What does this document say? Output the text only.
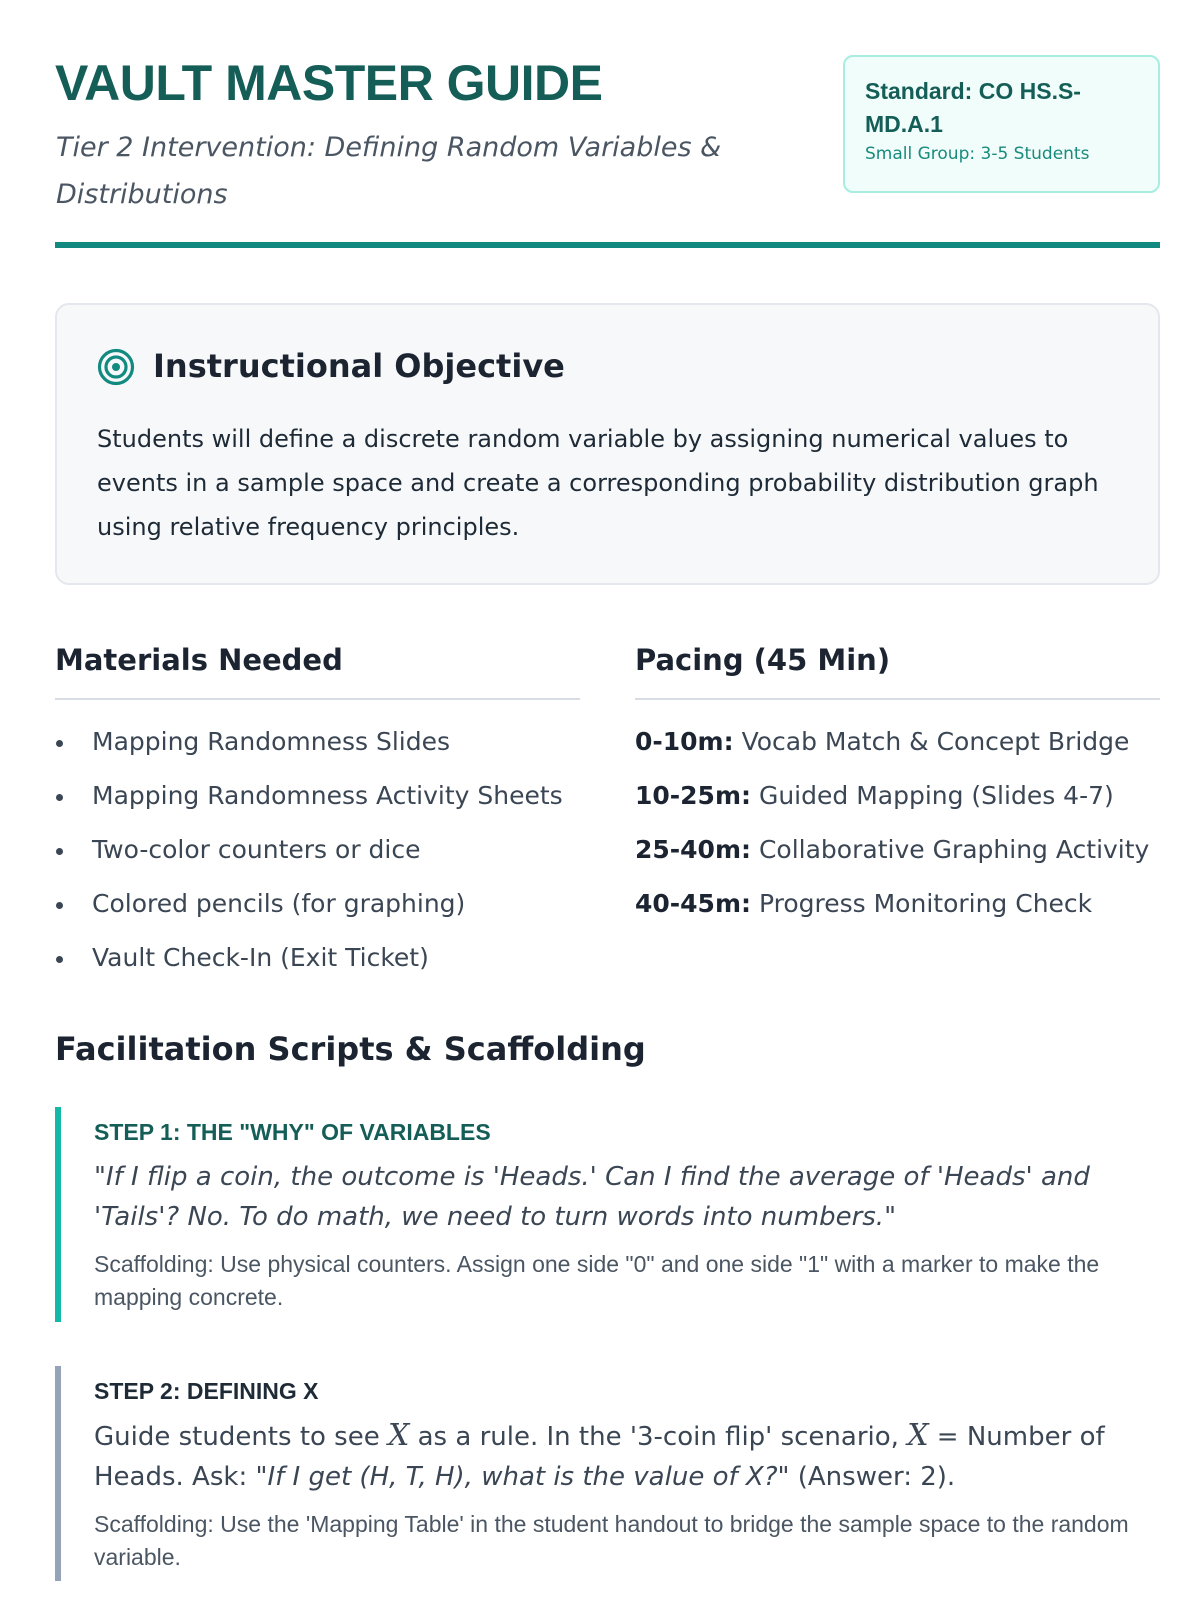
VAULT MASTER GUIDE
Tier 2 Intervention: Defining Random Variables & Distributions
Standard: CO HS.S-MD.A.1
Small Group: 3-5 Students
Instructional Objective
Students will define a discrete random variable by assigning numerical values to events in a sample space and create a corresponding probability distribution graph using relative frequency principles.
Materials Needed
Mapping Randomness Slides
Mapping Randomness Activity Sheets
Two-color counters or dice
Colored pencils (for graphing)
Vault Check-In (Exit Ticket)
Pacing (45 Min)
0-10m: Vocab Match & Concept Bridge
10-25m: Guided Mapping (Slides 4-7)
25-40m: Collaborative Graphing Activity
40-45m: Progress Monitoring Check
Facilitation Scripts & Scaffolding
STEP 1: THE "WHY" OF VARIABLES
"If I flip a coin, the outcome is 'Heads.' Can I find the average of 'Heads' and 'Tails'? No. To do math, we need to turn words into numbers."
Scaffolding: Use physical counters. Assign one side "0" and one side "1" with a marker to make the mapping concrete.
STEP 2: DEFINING X
Guide students to see X as a rule. In the '3-coin flip' scenario, X = Number of Heads. Ask: "If I get (H, T, H), what is the value of X?" (Answer: 2).
Scaffolding: Use the 'Mapping Table' in the student handout to bridge the sample space to the random variable.
